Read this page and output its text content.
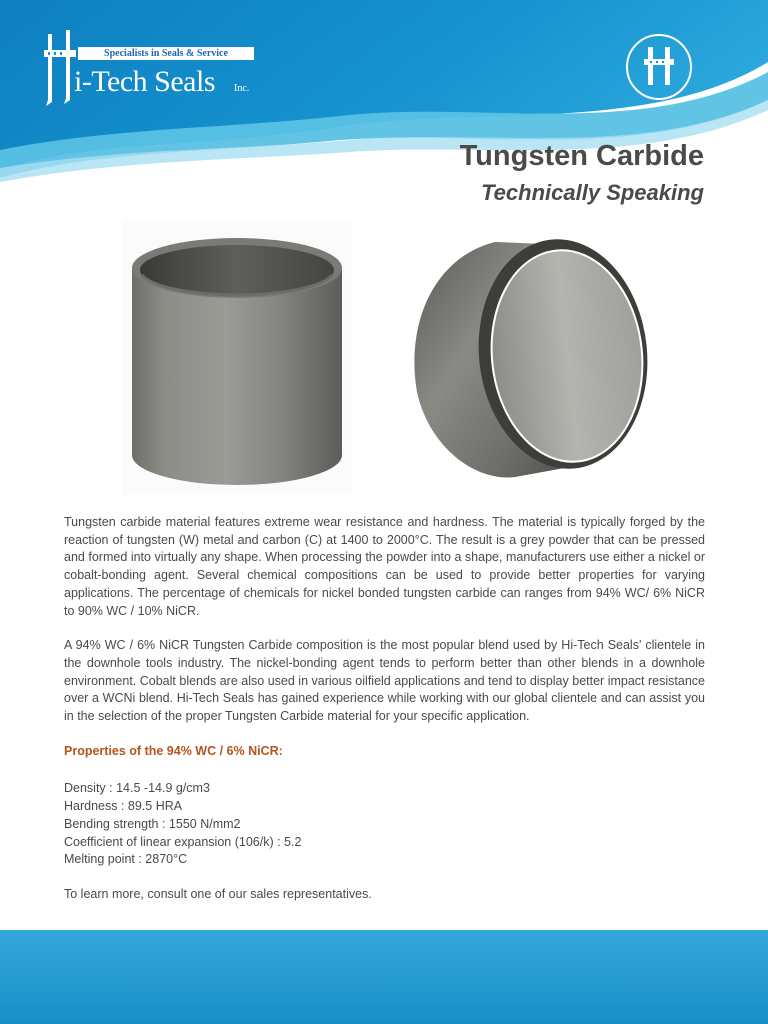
Specialists in Seals & Service
i-Tech Seals Inc.
Tungsten Carbide
Technically Speaking

Tungsten carbide material features extreme wear resistance and hardness. The material is typically forged by the reaction of tungsten (W) metal and carbon (C) at 1400 to 2000°C. The result is a grey powder that can be pressed and formed into virtually any shape. When processing the powder into a shape, manufacturers use either a nickel or cobalt-bonding agent. Several chemical compositions can be used to provide better properties for varying applications. The percentage of chemicals for nickel bonded tungsten carbide can ranges from 94% WC/ 6% NiCR to 90% WC / 10% NiCR.

A 94% WC / 6% NiCR Tungsten Carbide composition is the most popular blend used by Hi-Tech Seals' clientele in the downhole tools industry. The nickel-bonding agent tends to perform better than other blends in a downhole environment. Cobalt blends are also used in various oilfield applications and tend to display better impact resistance over a WCNi blend. Hi-Tech Seals has gained experience while working with our global clientele and can assist you in the selection of the proper Tungsten Carbide material for your specific application.

Properties of the 94% WC / 6% NiCR:

Density : 14.5 -14.9 g/cm3
Hardness : 89.5 HRA
Bending strength : 1550 N/mm2
Coefficient of linear expansion (106/k) : 5.2
Melting point : 2870°C

To learn more, consult one of our sales representatives.
